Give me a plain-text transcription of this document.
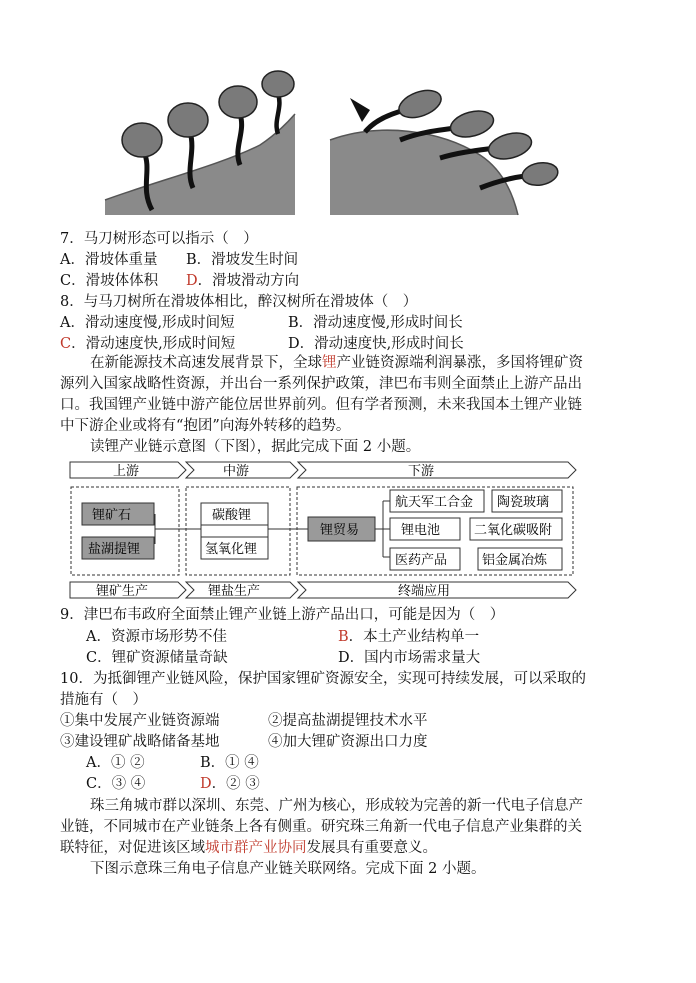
7．马刀树形态可以指示（　）
A．滑坡体重量 B．滑坡发生时间
C．滑坡体体积 D．滑坡滑动方向
8．与马刀树所在滑坡体相比，醉汉树所在滑坡体（　）
A．滑动速度慢,形成时间短	B．滑动速度慢,形成时间长
C．滑动速度快,形成时间短	D．滑动速度快,形成时间长
在新能源技术高速发展背景下，全球锂产业链资源端利润暴涨，多国将锂矿资
源列入国家战略性资源，并出台一系列保护政策，津巴布韦则全面禁止上游产品出
口。我国锂产业链中游产能位居世界前列。但有学者预测，未来我国本土锂产业链
中下游企业或将有“抱团”向海外转移的趋势。
读锂产业链示意图（下图），据此完成下面 2 小题。
上游	中游	下游
锂矿石
盐湖提锂
碳酸锂
氢氧化锂
锂贸易
航天军工合金 陶瓷玻璃
锂电池	二氧化碳吸附
医药产品	铝金属冶炼
锂矿生产	锂盐生产	终端应用
9．津巴布韦政府全面禁止锂产业链上游产品出口，可能是因为（　）
A．资源市场形势不佳	B．本土产业结构单一
C．锂矿资源储量奇缺	D．国内市场需求量大
10．为抵御锂产业链风险，保护国家锂矿资源安全，实现可持续发展，可以采取的
措施有（　）
①集中发展产业链资源端	②提高盐湖提锂技术水平
③建设锂矿战略储备基地	④加大锂矿资源出口力度
A．① ②	B．① ④
C．③ ④	D．② ③
珠三角城市群以深圳、东莞、广州为核心，形成较为完善的新一代电子信息产
业链，不同城市在产业链条上各有侧重。研究珠三角新一代电子信息产业集群的关
联特征，对促进该区域城市群产业协同发展具有重要意义。
下图示意珠三角电子信息产业链关联网络。完成下面 2 小题。
